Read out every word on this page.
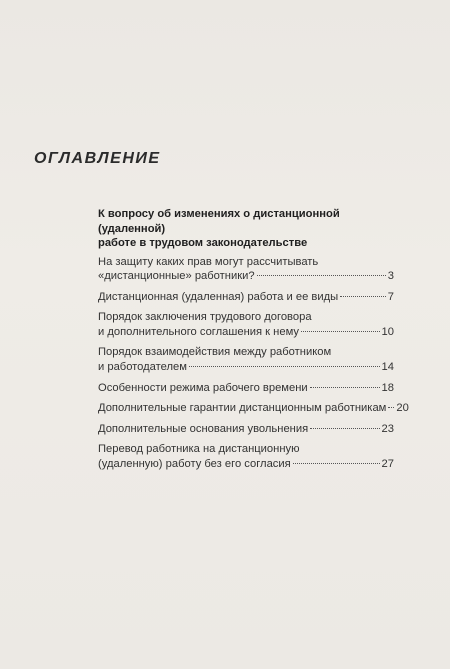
ОГЛАВЛЕНИЕ
К вопросу об изменениях о дистанционной (удаленной)
работе в трудовом законодательстве
На защиту каких прав могут рассчитывать
«дистанционные» работники?	3
Дистанционная (удаленная) работа и ее виды	7
Порядок заключения трудового договора
и дополнительного соглашения к нему	10
Порядок взаимодействия между работником
и работодателем	14
Особенности режима рабочего времени	18
Дополнительные гарантии дистанционным работникам 20
Дополнительные основания увольнения	23
Перевод работника на дистанционную
(удаленную) работу без его согласия	27
